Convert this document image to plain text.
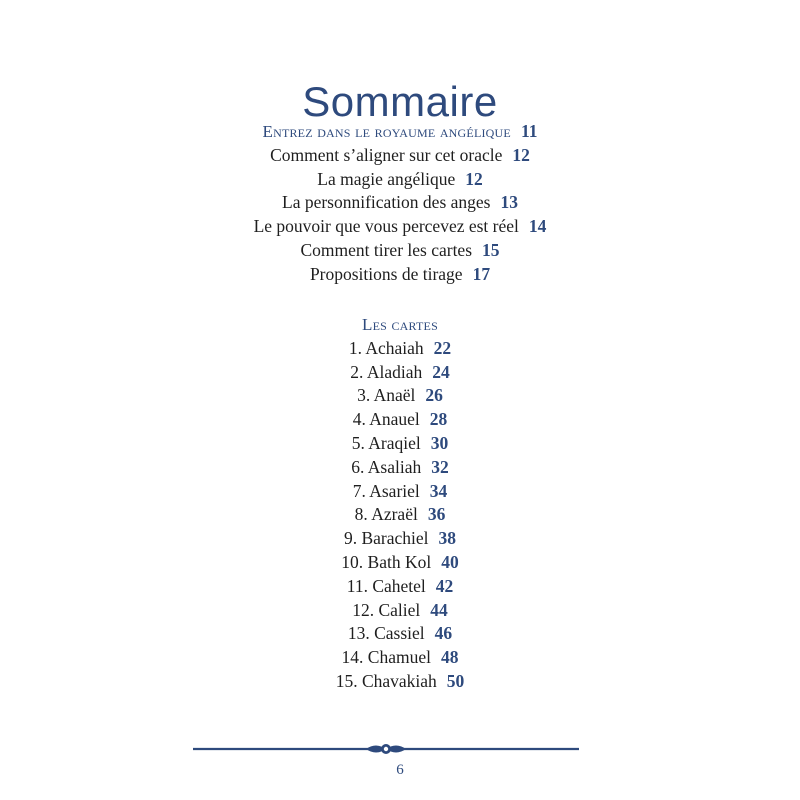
Sommaire
Entrez dans le royaume angélique 11
Comment s’aligner sur cet oracle 12
La magie angélique 12
La personnification des anges 13
Le pouvoir que vous percevez est réel 14
Comment tirer les cartes 15
Propositions de tirage 17
Les cartes
1. Achaiah 22
2. Aladiah 24
3. Anaël 26
4. Anauel 28
5. Araqiel 30
6. Asaliah 32
7. Asariel 34
8. Azraël 36
9. Barachiel 38
10. Bath Kol 40
11. Cahetel 42
12. Caliel 44
13. Cassiel 46
14. Chamuel 48
15. Chavakiah 50
6
